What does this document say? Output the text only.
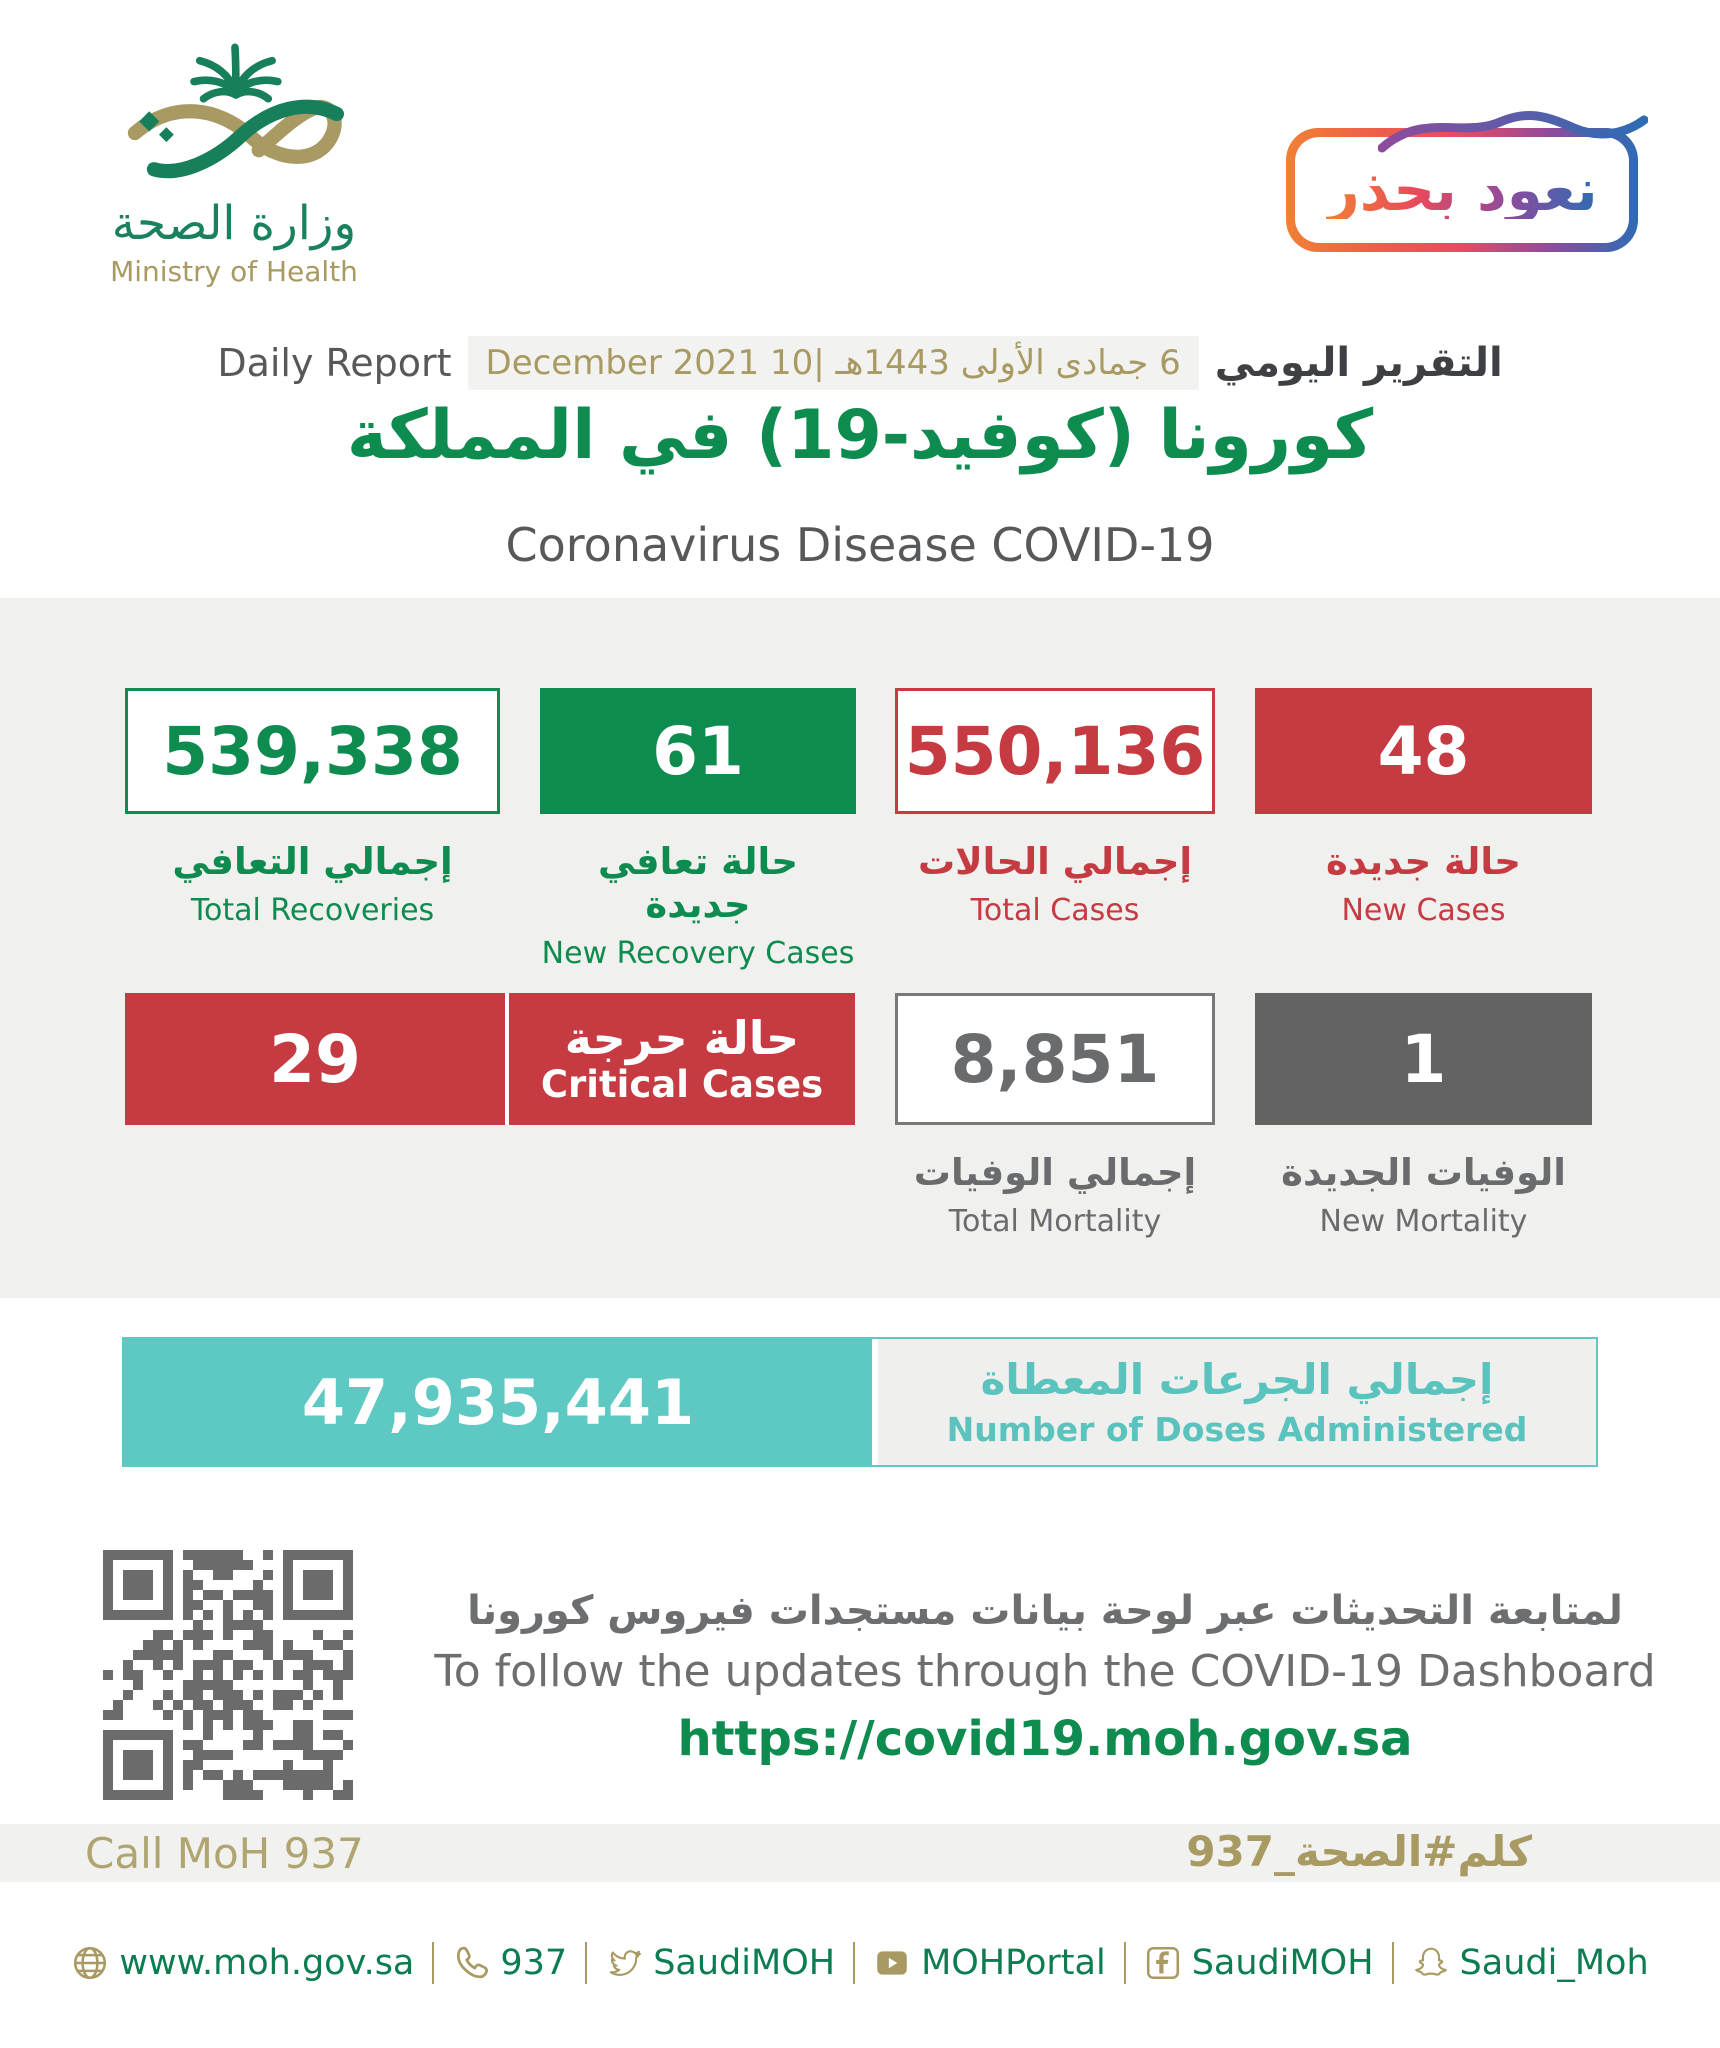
وزارة الصحة
Ministry of Health
نعود بحذر
Daily Report	6 جمادى الأولى 1443هـ |10 December 2021 التقرير اليومي
كورونا (كوفيد-19) في المملكة
Coronavirus Disease COVID-19
539,338
إجمالي التعافي
Total Recoveries
61
حالة تعافي جديدة
New Recovery Cases
550,136
إجمالي الحالات
Total Cases
48
حالة جديدة
New Cases
29	حالة حرجة
Critical Cases	8,851
إجمالي الوفيات
Total Mortality
1
الوفيات الجديدة
New Mortality
47,935,441	إجمالي الجرعات المعطاة
Number of Doses Administered
لمتابعة التحديثات عبر لوحة بيانات مستجدات فيروس كورونا
To follow the updates through the COVID-19 Dashboard
https://covid19.moh.gov.sa
Call MoH 937	كلم#الصحة_937
www.moh.gov.sa 937 SaudiMOH MOHPortal SaudiMOH Saudi_Moh
